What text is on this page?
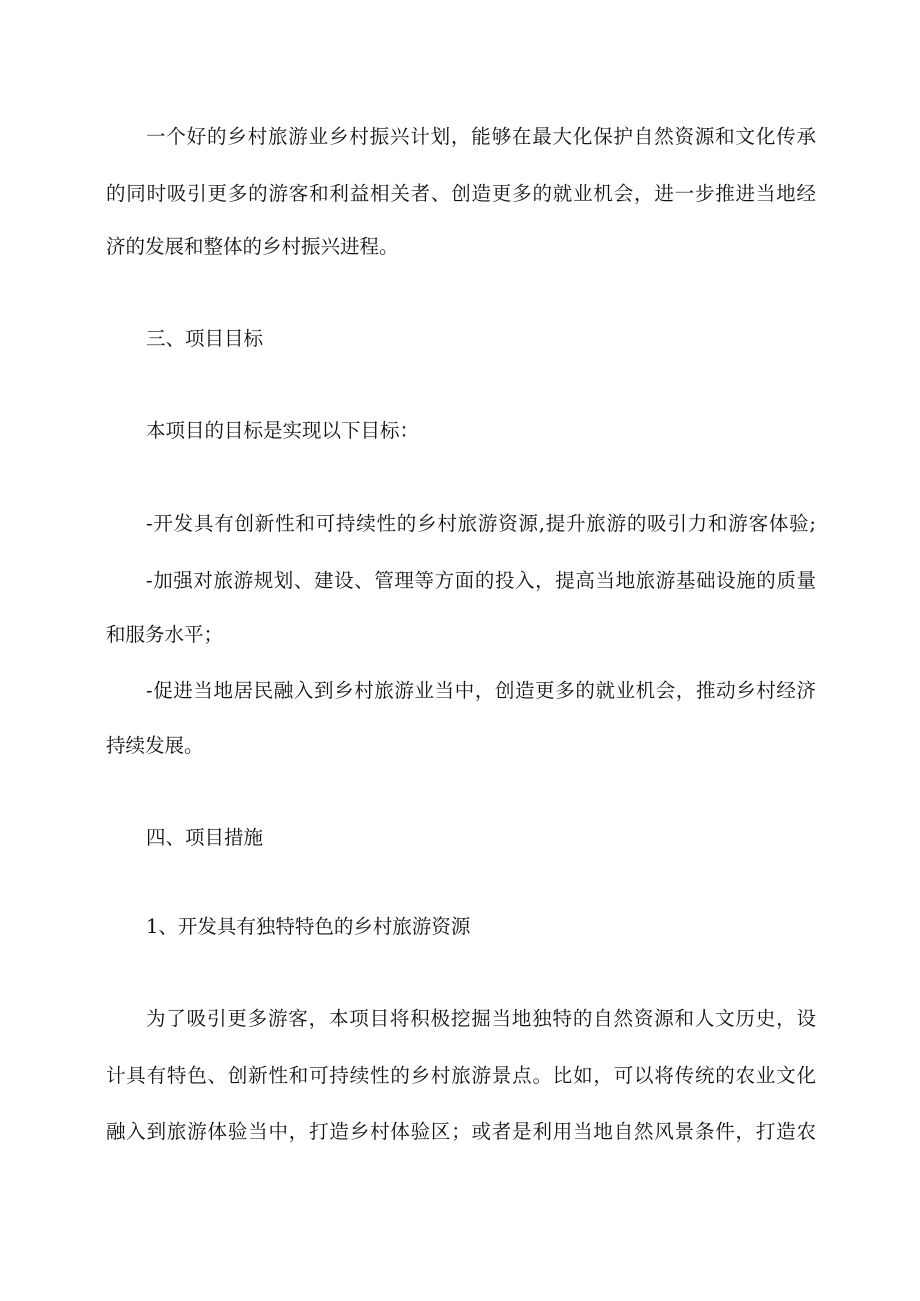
一个好的乡村旅游业乡村振兴计划，能够在最大化保护自然资源和文化传承
的同时吸引更多的游客和利益相关者、创造更多的就业机会，进一步推进当地经
济的发展和整体的乡村振兴进程。
三、项目目标
本项目的目标是实现以下目标：
-开发具有创新性和可持续性的乡村旅游资源,提升旅游的吸引力和游客体验;
-加强对旅游规划、建设、管理等方面的投入，提高当地旅游基础设施的质量
和服务水平；
-促进当地居民融入到乡村旅游业当中，创造更多的就业机会，推动乡村经济
持续发展。
四、项目措施
1、开发具有独特特色的乡村旅游资源
为了吸引更多游客，本项目将积极挖掘当地独特的自然资源和人文历史，设
计具有特色、创新性和可持续性的乡村旅游景点。比如，可以将传统的农业文化
融入到旅游体验当中，打造乡村体验区；或者是利用当地自然风景条件，打造农
